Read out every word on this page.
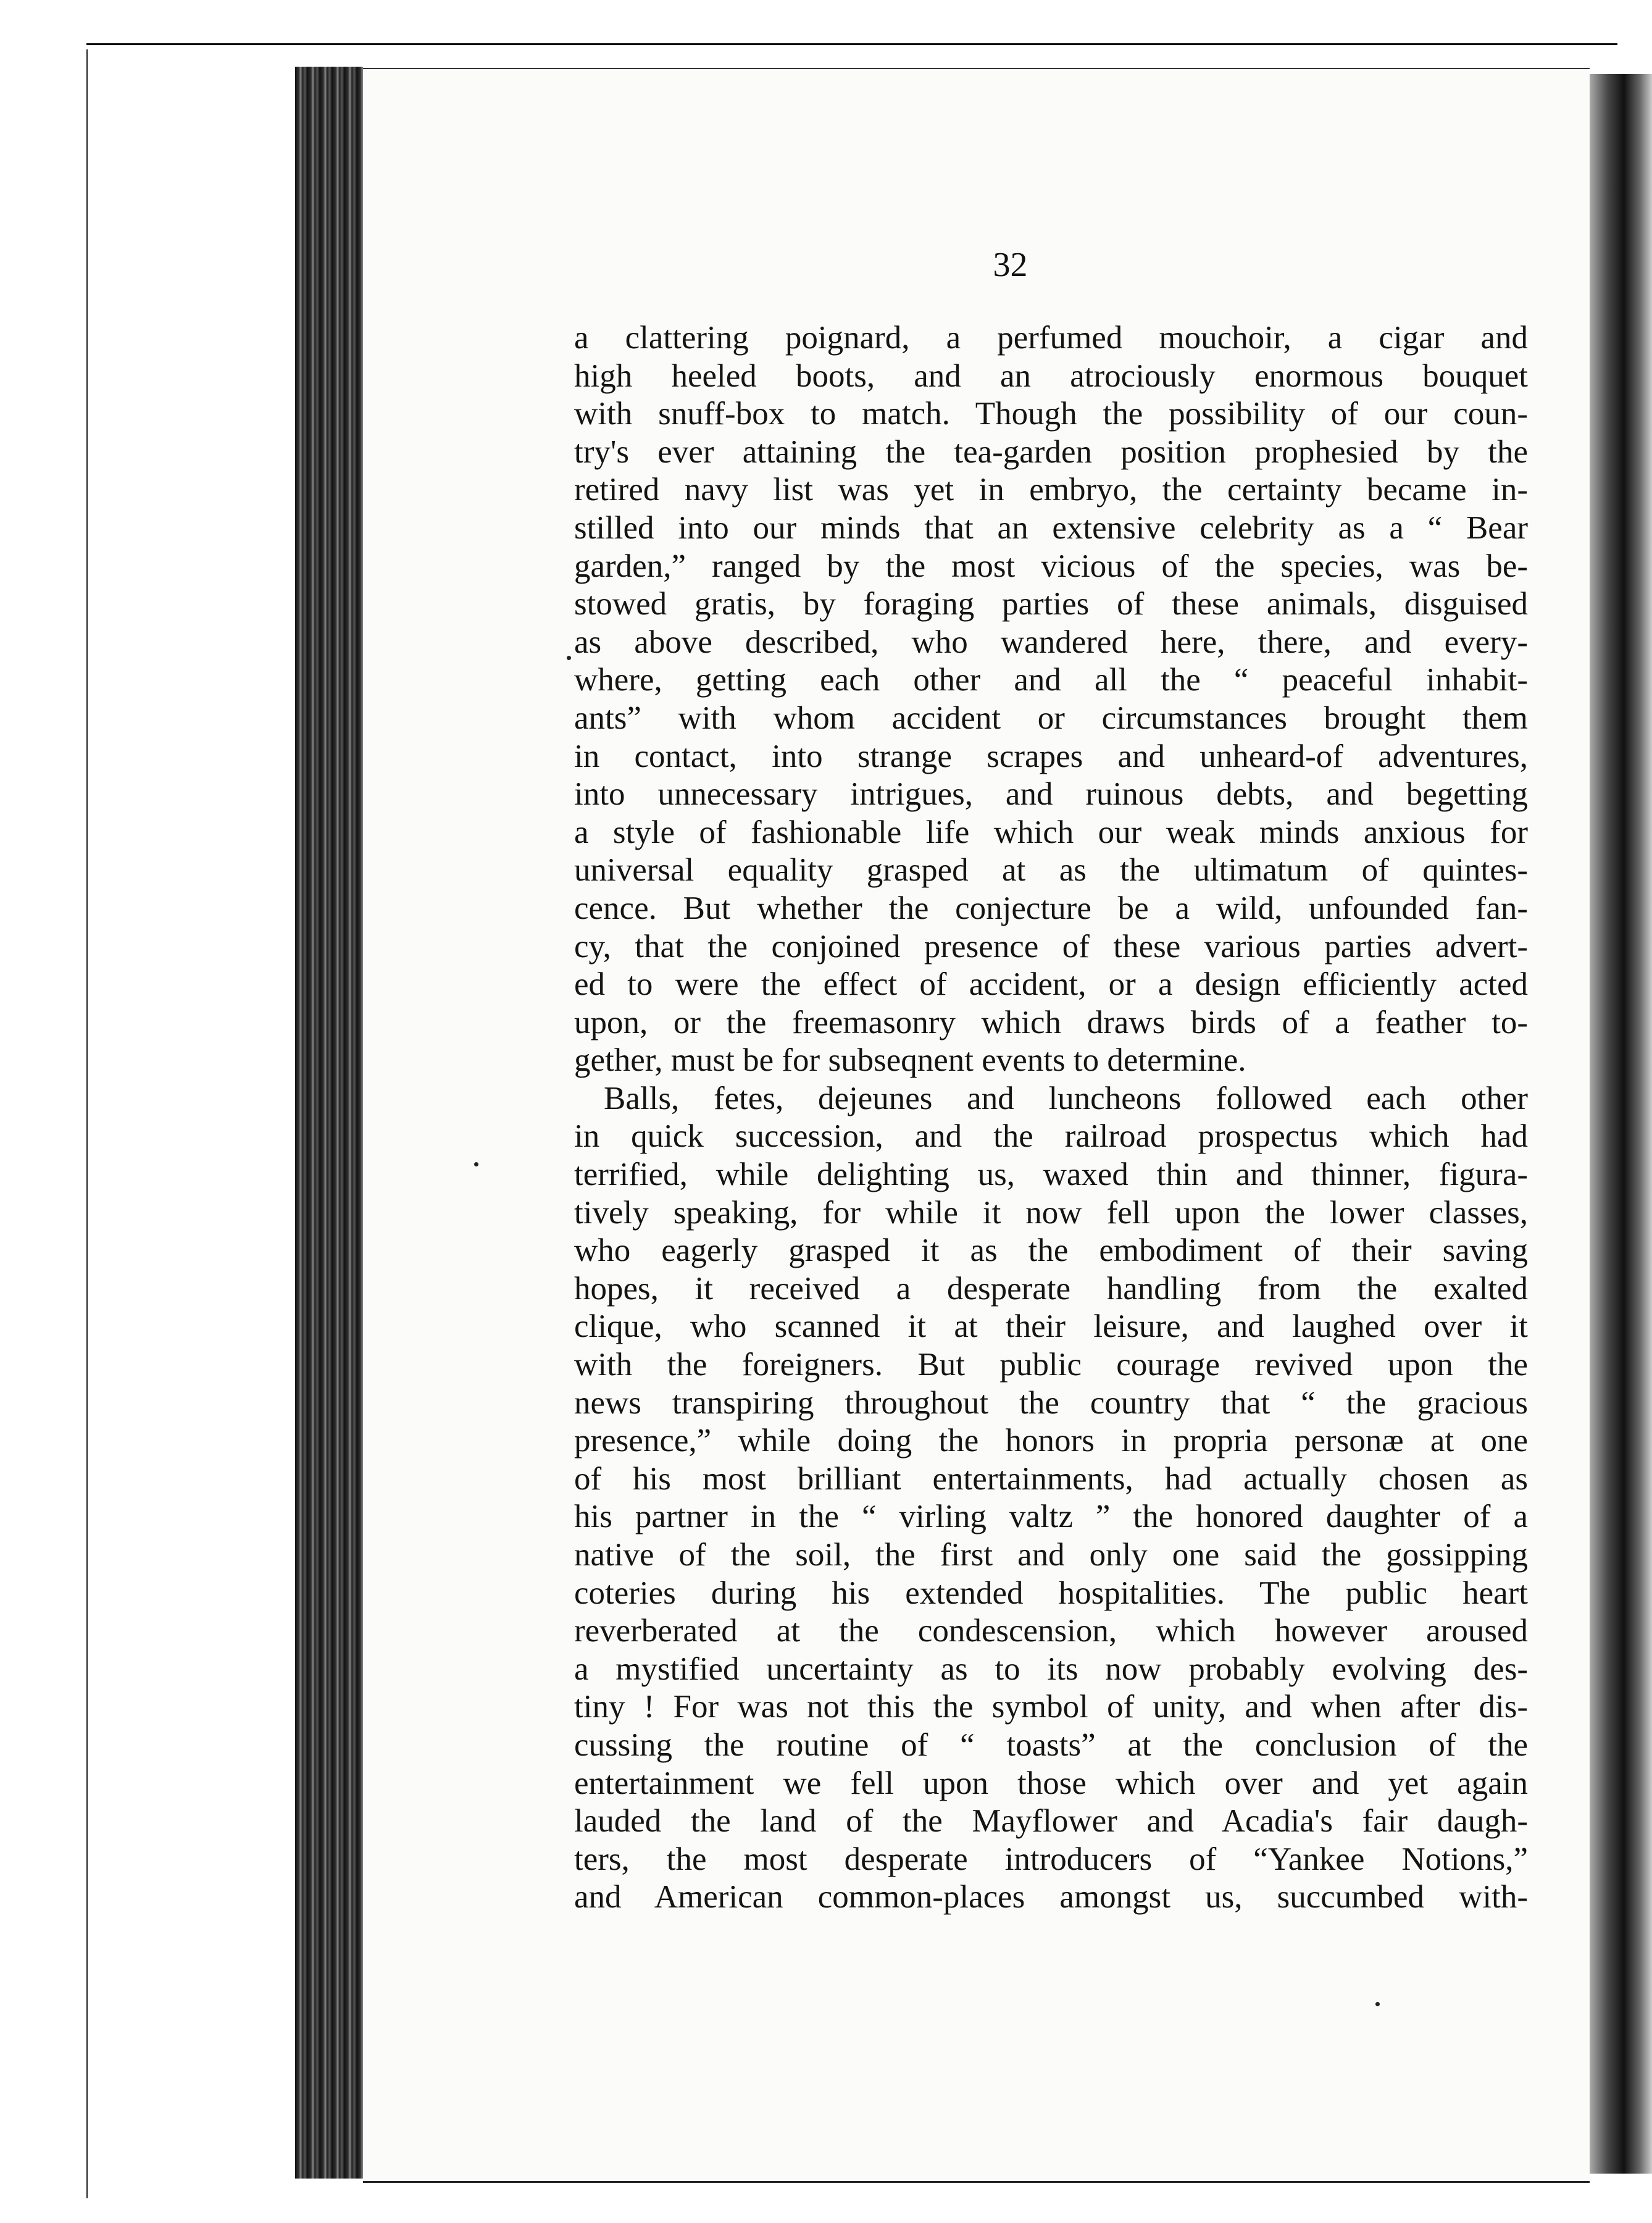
32
a clattering poignard, a perfumed mouchoir, a cigar and
high heeled boots, and an atrociously enormous bouquet
with snuff-box to match. Though the possibility of our coun-
try's ever attaining the tea-garden position prophesied by the
retired navy list was yet in embryo, the certainty became in-
stilled into our minds that an extensive celebrity as a “ Bear
garden,” ranged by the most vicious of the species, was be-
stowed gratis, by foraging parties of these animals, disguised
as above described, who wandered here, there, and every-
where, getting each other and all the “ peaceful inhabit-
ants” with whom accident or circumstances brought them
in contact, into strange scrapes and unheard-of adventures,
into unnecessary intrigues, and ruinous debts, and begetting
a style of fashionable life which our weak minds anxious for
universal equality grasped at as the ultimatum of quintes-
cence. But whether the conjecture be a wild, unfounded fan-
cy, that the conjoined presence of these various parties advert-
ed to were the effect of accident, or a design efficiently acted
upon, or the freemasonry which draws birds of a feather to-
gether, must be for subseqnent events to determine.
Balls, fetes, dejeunes and luncheons followed each other
in quick succession, and the railroad prospectus which had
terrified, while delighting us, waxed thin and thinner, figura-
tively speaking, for while it now fell upon the lower classes,
who eagerly grasped it as the embodiment of their saving
hopes, it received a desperate handling from the exalted
clique, who scanned it at their leisure, and laughed over it
with the foreigners. But public courage revived upon the
news transpiring throughout the country that “ the gracious
presence,” while doing the honors in propria personæ at one
of his most brilliant entertainments, had actually chosen as
his partner in the “ virling valtz ” the honored daughter of a
native of the soil, the first and only one said the gossipping
coteries during his extended hospitalities. The public heart
reverberated at the condescension, which however aroused
a mystified uncertainty as to its now probably evolving des-
tiny ! For was not this the symbol of unity, and when after dis-
cussing the routine of “ toasts” at the conclusion of the
entertainment we fell upon those which over and yet again
lauded the land of the Mayflower and Acadia's fair daugh-
ters, the most desperate introducers of “Yankee Notions,”
and American common-places amongst us, succumbed with-
